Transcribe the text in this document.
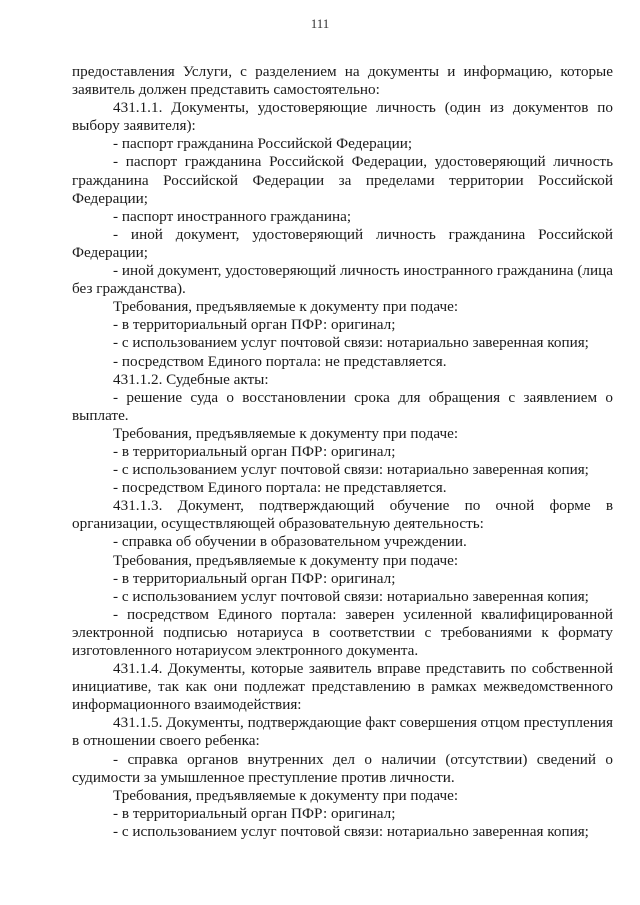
111

предоставления Услуги, с разделением на документы и информацию, которые заявитель должен представить самостоятельно:

431.1.1. Документы, удостоверяющие личность (один из документов по выбору заявителя):

- паспорт гражданина Российской Федерации;

- паспорт гражданина Российской Федерации, удостоверяющий личность гражданина Российской Федерации за пределами территории Российской Федерации;

- паспорт иностранного гражданина;

- иной документ, удостоверяющий личность гражданина Российской Федерации;

- иной документ, удостоверяющий личность иностранного гражданина (лица без гражданства).

Требования, предъявляемые к документу при подаче:

- в территориальный орган ПФР: оригинал;

- с использованием услуг почтовой связи: нотариально заверенная копия;

- посредством Единого портала: не представляется.

431.1.2. Судебные акты:

- решение суда о восстановлении срока для обращения с заявлением о выплате.

Требования, предъявляемые к документу при подаче:

- в территориальный орган ПФР: оригинал;

- с использованием услуг почтовой связи: нотариально заверенная копия;

- посредством Единого портала: не представляется.

431.1.3. Документ, подтверждающий обучение по очной форме в организации, осуществляющей образовательную деятельность:

- справка об обучении в образовательном учреждении.

Требования, предъявляемые к документу при подаче:

- в территориальный орган ПФР: оригинал;

- с использованием услуг почтовой связи: нотариально заверенная копия;

- посредством Единого портала: заверен усиленной квалифицированной электронной подписью нотариуса в соответствии с требованиями к формату изготовленного нотариусом электронного документа.

431.1.4. Документы, которые заявитель вправе представить по собственной инициативе, так как они подлежат представлению в рамках межведомственного информационного взаимодействия:

431.1.5. Документы, подтверждающие факт совершения отцом преступления в отношении своего ребенка:

- справка органов внутренних дел о наличии (отсутствии) сведений о судимости за умышленное преступление против личности.

Требования, предъявляемые к документу при подаче:

- в территориальный орган ПФР: оригинал;

- с использованием услуг почтовой связи: нотариально заверенная копия;
